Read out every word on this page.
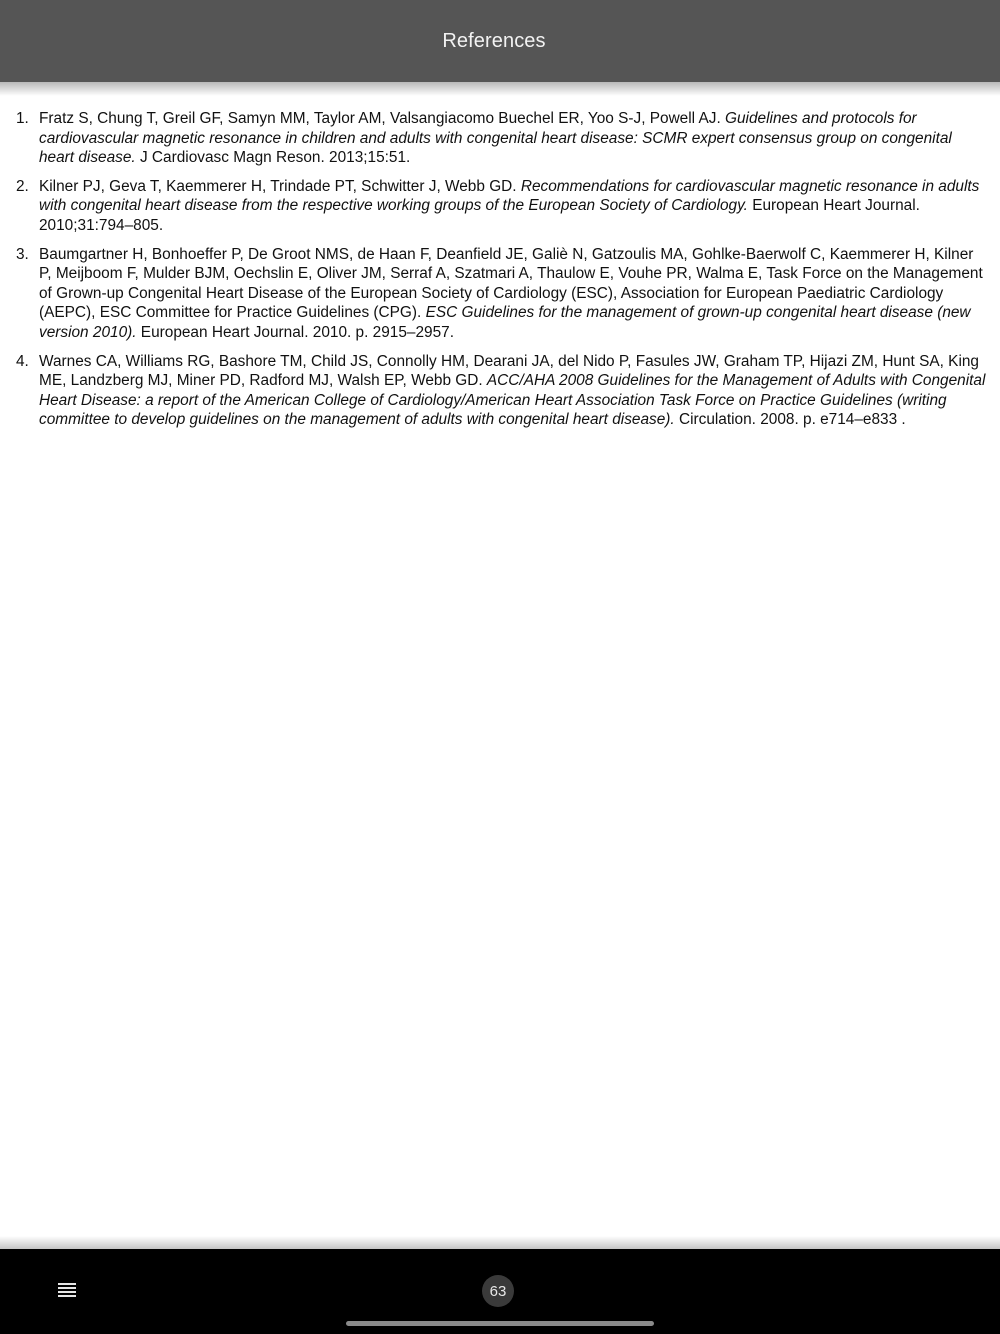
References
1. Fratz S, Chung T, Greil GF, Samyn MM, Taylor AM, Valsangiacomo Buechel ER, Yoo S-J, Powell AJ. Guidelines and protocols for cardiovascular magnetic resonance in children and adults with congenital heart disease: SCMR expert consensus group on congenital heart disease. J Cardiovasc Magn Reson. 2013;15:51.
2. Kilner PJ, Geva T, Kaemmerer H, Trindade PT, Schwitter J, Webb GD. Recommendations for cardiovascular magnetic resonance in adults with congenital heart disease from the respective working groups of the European Society of Cardiology. European Heart Journal. 2010;31:794–805.
3. Baumgartner H, Bonhoeffer P, De Groot NMS, de Haan F, Deanfield JE, Galiè N, Gatzoulis MA, Gohlke-Baerwolf C, Kaemmerer H, Kilner P, Meijboom F, Mulder BJM, Oechslin E, Oliver JM, Serraf A, Szatmari A, Thaulow E, Vouhe PR, Walma E, Task Force on the Management of Grown-up Congenital Heart Disease of the European Society of Cardiology (ESC), Association for European Paediatric Cardiology (AEPC), ESC Committee for Practice Guidelines (CPG). ESC Guidelines for the management of grown-up congenital heart disease (new version 2010). European Heart Journal. 2010. p. 2915–2957.
4. Warnes CA, Williams RG, Bashore TM, Child JS, Connolly HM, Dearani JA, del Nido P, Fasules JW, Graham TP, Hijazi ZM, Hunt SA, King ME, Landzberg MJ, Miner PD, Radford MJ, Walsh EP, Webb GD. ACC/AHA 2008 Guidelines for the Management of Adults with Congenital Heart Disease: a report of the American College of Cardiology/American Heart Association Task Force on Practice Guidelines (writing committee to develop guidelines on the management of adults with congenital heart disease). Circulation. 2008. p. e714–e833 .
63
